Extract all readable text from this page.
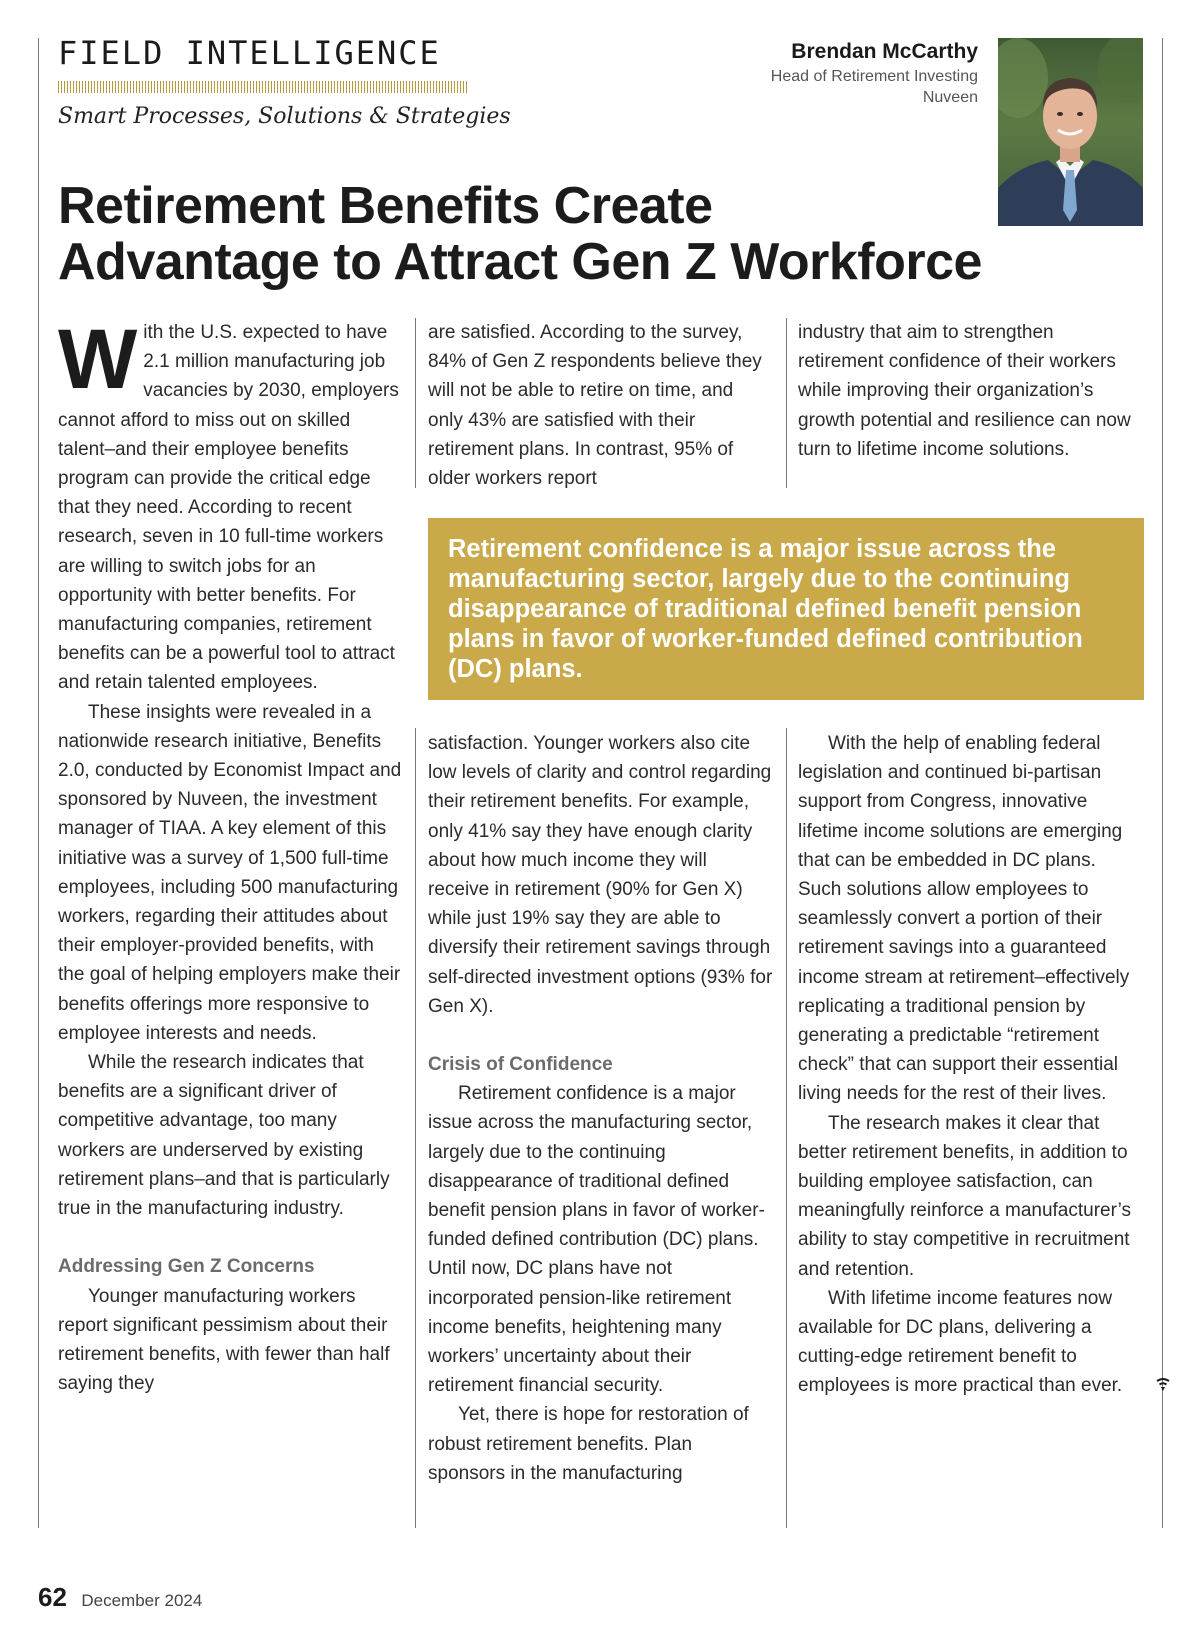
FIELD INTELLIGENCE
Smart Processes, Solutions & Strategies
Brendan McCarthy
Head of Retirement Investing
Nuveen
Retirement Benefits Create
Advantage to Attract Gen Z Workforce

With the U.S. expected to have 2.1 million manufacturing job vacancies by 2030, employers cannot afford to miss out on skilled talent–and their employee benefits program can provide the critical edge that they need. According to recent research, seven in 10 full-time workers are willing to switch jobs for an opportunity with better benefits. For manufacturing companies, retirement benefits can be a powerful tool to attract and retain talented employees.

These insights were revealed in a nationwide research initiative, Benefits 2.0, conducted by Economist Impact and sponsored by Nuveen, the investment manager of TIAA. A key element of this initiative was a survey of 1,500 full-time employees, including 500 manufacturing workers, regarding their attitudes about their employer-provided benefits, with the goal of helping employers make their benefits offerings more responsive to employee interests and needs.

While the research indicates that benefits are a significant driver of competitive advantage, too many workers are underserved by existing retirement plans–and that is particularly true in the manufacturing industry.

Addressing Gen Z Concerns

Younger manufacturing workers report significant pessimism about their retirement benefits, with fewer than half saying they

are satisfied. According to the survey, 84% of Gen Z respondents believe they will not be able to retire on time, and only 43% are satisfied with their retirement plans. In contrast, 95% of older workers report

industry that aim to strengthen retirement confidence of their workers while improving their organization’s growth potential and resilience can now turn to lifetime income solutions.

Retirement confidence is a major issue across the manufacturing sector, largely due to the continuing disappearance of traditional defined benefit pension plans in favor of worker-funded defined contribution (DC) plans.

satisfaction. Younger workers also cite low levels of clarity and control regarding their retirement benefits. For example, only 41% say they have enough clarity about how much income they will receive in retirement (90% for Gen X) while just 19% say they are able to diversify their retirement savings through self-directed investment options (93% for Gen X).

Crisis of Confidence

Retirement confidence is a major issue across the manufacturing sector, largely due to the continuing disappearance of traditional defined benefit pension plans in favor of worker-funded defined contribution (DC) plans. Until now, DC plans have not incorporated pension-like retirement income benefits, heightening many workers’ uncertainty about their retirement financial security.

Yet, there is hope for restoration of robust retirement benefits. Plan sponsors in the manufacturing

With the help of enabling federal legislation and continued bi-partisan support from Congress, innovative lifetime income solutions are emerging that can be embedded in DC plans. Such solutions allow employees to seamlessly convert a portion of their retirement savings into a guaranteed income stream at retirement–effectively replicating a traditional pension by generating a predictable “retirement check” that can support their essential living needs for the rest of their lives.

The research makes it clear that better retirement benefits, in addition to building employee satisfaction, can meaningfully reinforce a manufacturer’s ability to stay competitive in recruitment and retention.

With lifetime income features now available for DC plans, delivering a cutting-edge retirement benefit to employees is more practical than ever.

62 December 2024
